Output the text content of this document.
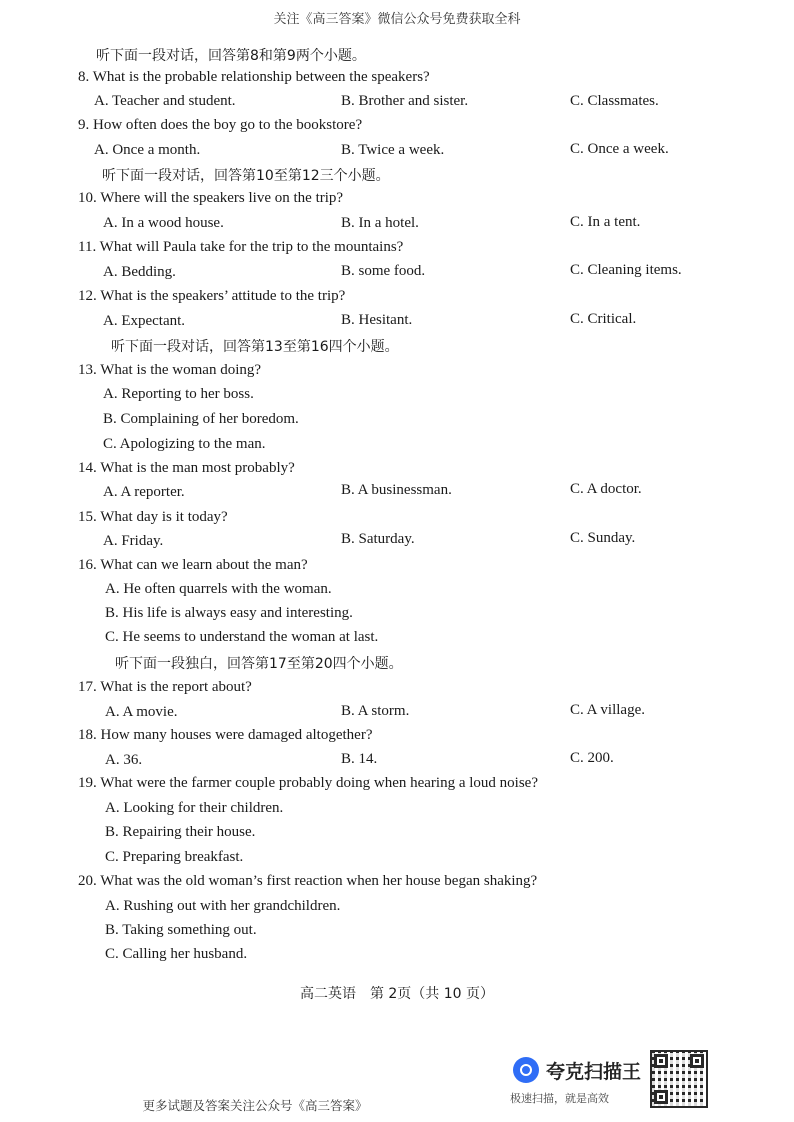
关注《高三答案》微信公众号免费获取全科
听下面一段对话，回答第8和第9两个小题。
8. What is the probable relationship between the speakers?
A. Teacher and student.	B. Brother and sister.	C. Classmates.
9. How often does the boy go to the bookstore?
A. Once a month.	B. Twice a week.	C. Once a week.
听下面一段对话，回答第10至第12三个小题。
10. Where will the speakers live on the trip?
A. In a wood house.	B. In a hotel.	C. In a tent.
11. What will Paula take for the trip to the mountains?
A. Bedding.	B. some food.	C. Cleaning items.
12. What is the speakers’ attitude to the trip?
A. Expectant.	B. Hesitant.	C. Critical.
听下面一段对话，回答第13至第16四个小题。
13. What is the woman doing?
A. Reporting to her boss.
B. Complaining of her boredom.
C. Apologizing to the man.
14. What is the man most probably?
A. A reporter.	B. A businessman.	C. A doctor.
15. What day is it today?
A. Friday.	B. Saturday.	C. Sunday.
16. What can we learn about the man?
A. He often quarrels with the woman.
B. His life is always easy and interesting.
C. He seems to understand the woman at last.
听下面一段独白，回答第17至第20四个小题。
17. What is the report about?
A. A movie.	B. A storm.	C. A village.
18. How many houses were damaged altogether?
A. 36.	B. 14.	C. 200.
19. What were the farmer couple probably doing when hearing a loud noise?
A. Looking for their children.
B. Repairing their house.
C. Preparing breakfast.
20. What was the old woman’s first reaction when her house began shaking?
A. Rushing out with her grandchildren.
B. Taking something out.
C. Calling her husband.
高二英语　第 2页（共 10 页）
夸克扫描王
极速扫描，就是高效
更多试题及答案关注公众号《高三答案》
